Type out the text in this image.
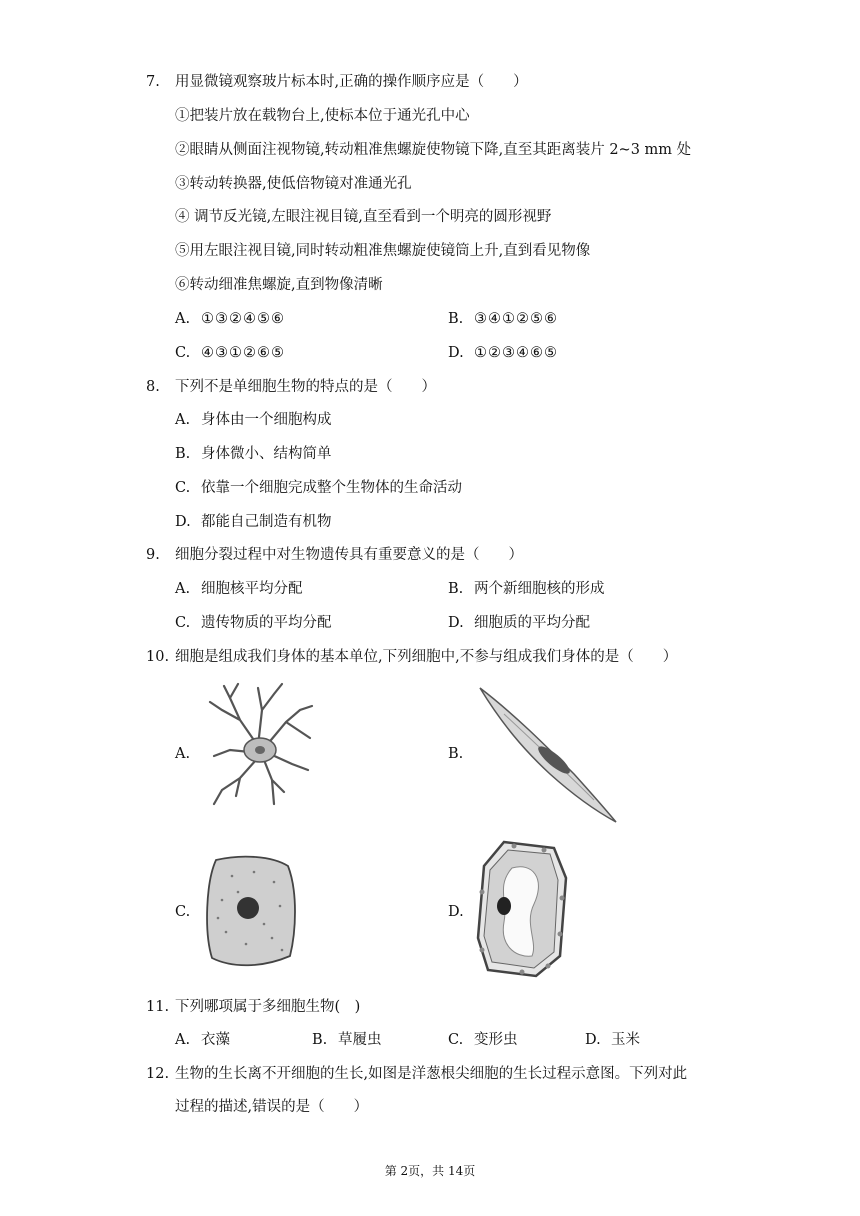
7. 用显微镜观察玻片标本时,正确的操作顺序应是（　　）
①把装片放在载物台上,使标本位于通光孔中心
②眼睛从侧面注视物镜,转动粗准焦螺旋使物镜下降,直至其距离装片 2~3 mm 处
③转动转换器,使低倍物镜对准通光孔
④ 调节反光镜,左眼注视目镜,直至看到一个明亮的圆形视野
⑤用左眼注视目镜,同时转动粗准焦螺旋使镜筒上升,直到看见物像
⑥转动细准焦螺旋,直到物像清晰
A. ①③②④⑤⑥	B. ③④①②⑤⑥
C. ④③①②⑥⑤	D. ①②③④⑥⑤
8. 下列不是单细胞生物的特点的是（　　）
A. 身体由一个细胞构成
B. 身体微小、结构简单
C. 依靠一个细胞完成整个生物体的生命活动
D. 都能自己制造有机物
9. 细胞分裂过程中对生物遗传具有重要意义的是（　　）
A. 细胞核平均分配	B. 两个新细胞核的形成
C. 遗传物质的平均分配	D. 细胞质的平均分配
10. 细胞是组成我们身体的基本单位,下列细胞中,不参与组成我们身体的是（　　）
A.	B.
C.	D.
11. 下列哪项属于多细胞生物(　)
A. 衣藻	B. 草履虫	C. 变形虫	D. 玉米
12. 生物的生长离不开细胞的生长,如图是洋葱根尖细胞的生长过程示意图。下列对此
过程的描述,错误的是（　　）
第 2页，共 14页
